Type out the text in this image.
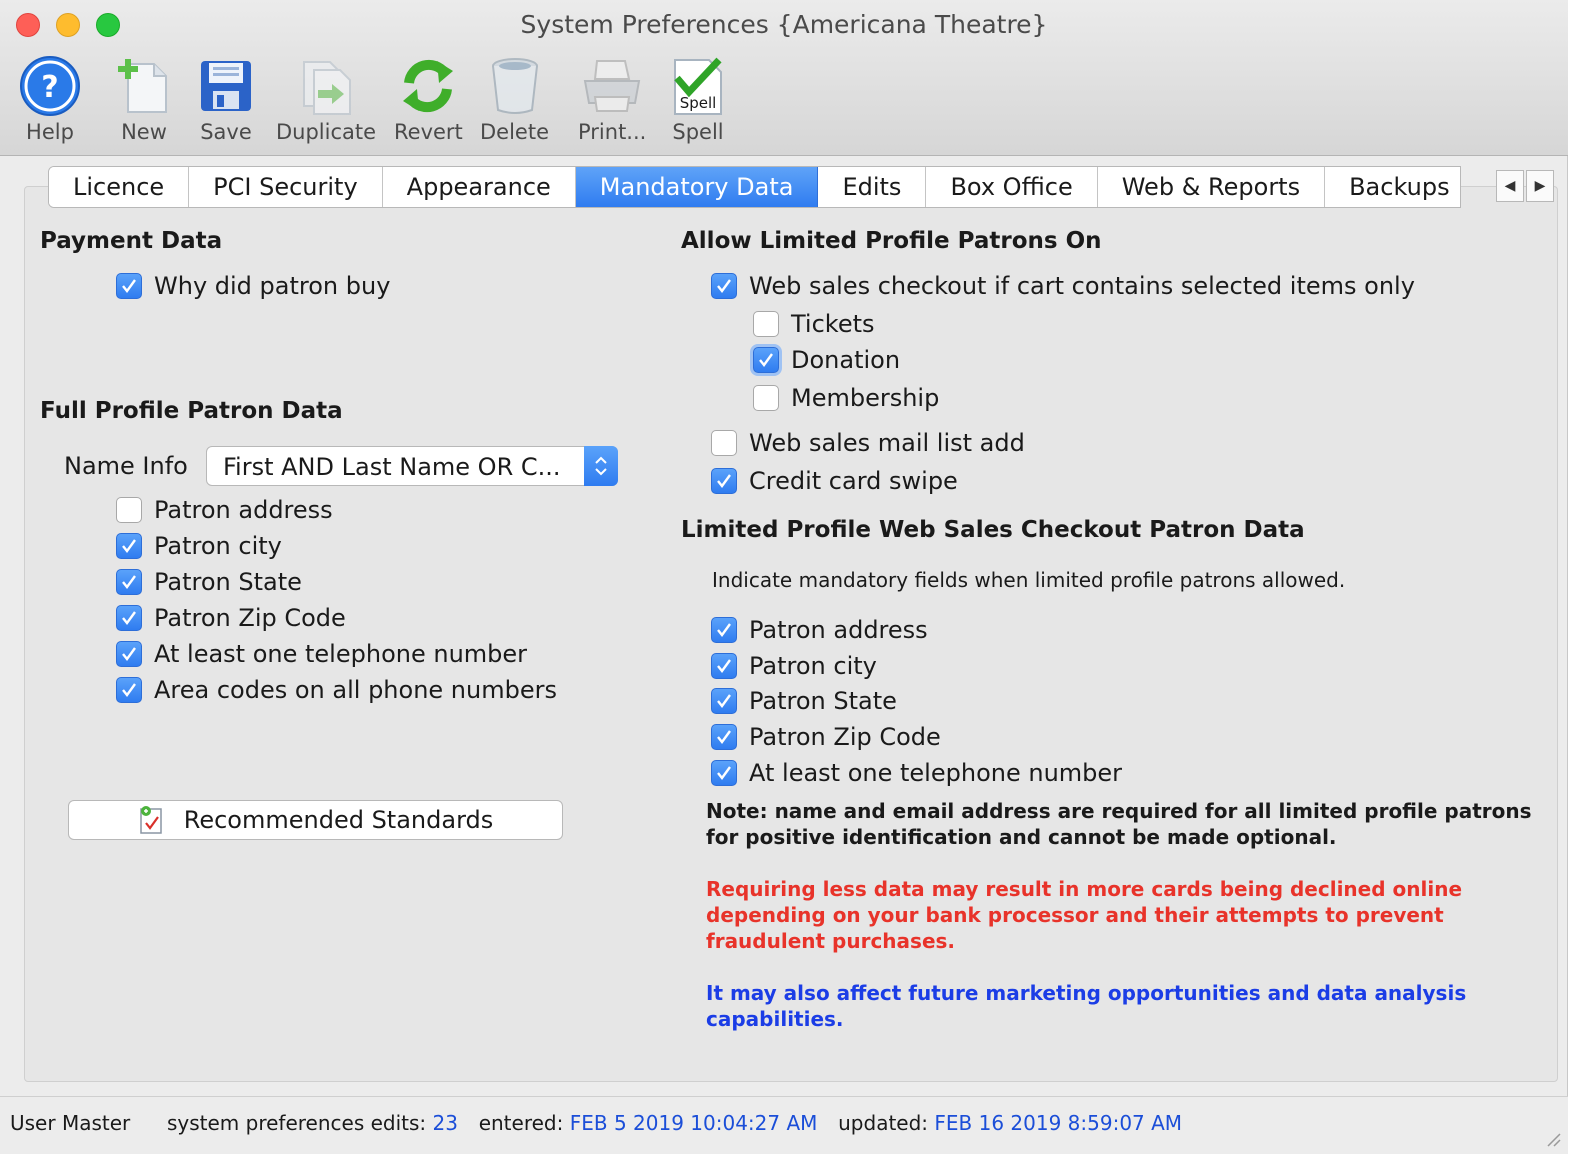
System Preferences {Americana Theatre}
?
Help New Save Duplicate Revert Delete Print...
Spell
Spell
Licence	PCI Security	Appearance	Mandatory Data	Edits	Box Office	Web & Reports	Backups	◀	▶
Payment Data
Why did patron buy
Full Profile Patron Data
Name Info First AND Last Name OR C...
Patron address
Patron city
Patron State
Patron Zip Code
At least one telephone number
Area codes on all phone numbers
Recommended Standards
Allow Limited Profile Patrons On
Web sales checkout if cart contains selected items only
Tickets
Donation
Membership
Web sales mail list add
Credit card swipe
Limited Profile Web Sales Checkout Patron Data
Indicate mandatory fields when limited profile patrons allowed.
Patron address
Patron city
Patron State
Patron Zip Code
At least one telephone number
Note: name and email address are required for all limited profile patrons
for positive identification and cannot be made optional.
Requiring less data may result in more cards being declined online
depending on your bank processor and their attempts to prevent
fraudulent purchases.
It may also affect future marketing opportunities and data analysis
capabilities.
User Master system preferences edits: 23 entered: FEB 5 2019 10:04:27 AM updated: FEB 16 2019 8:59:07 AM
